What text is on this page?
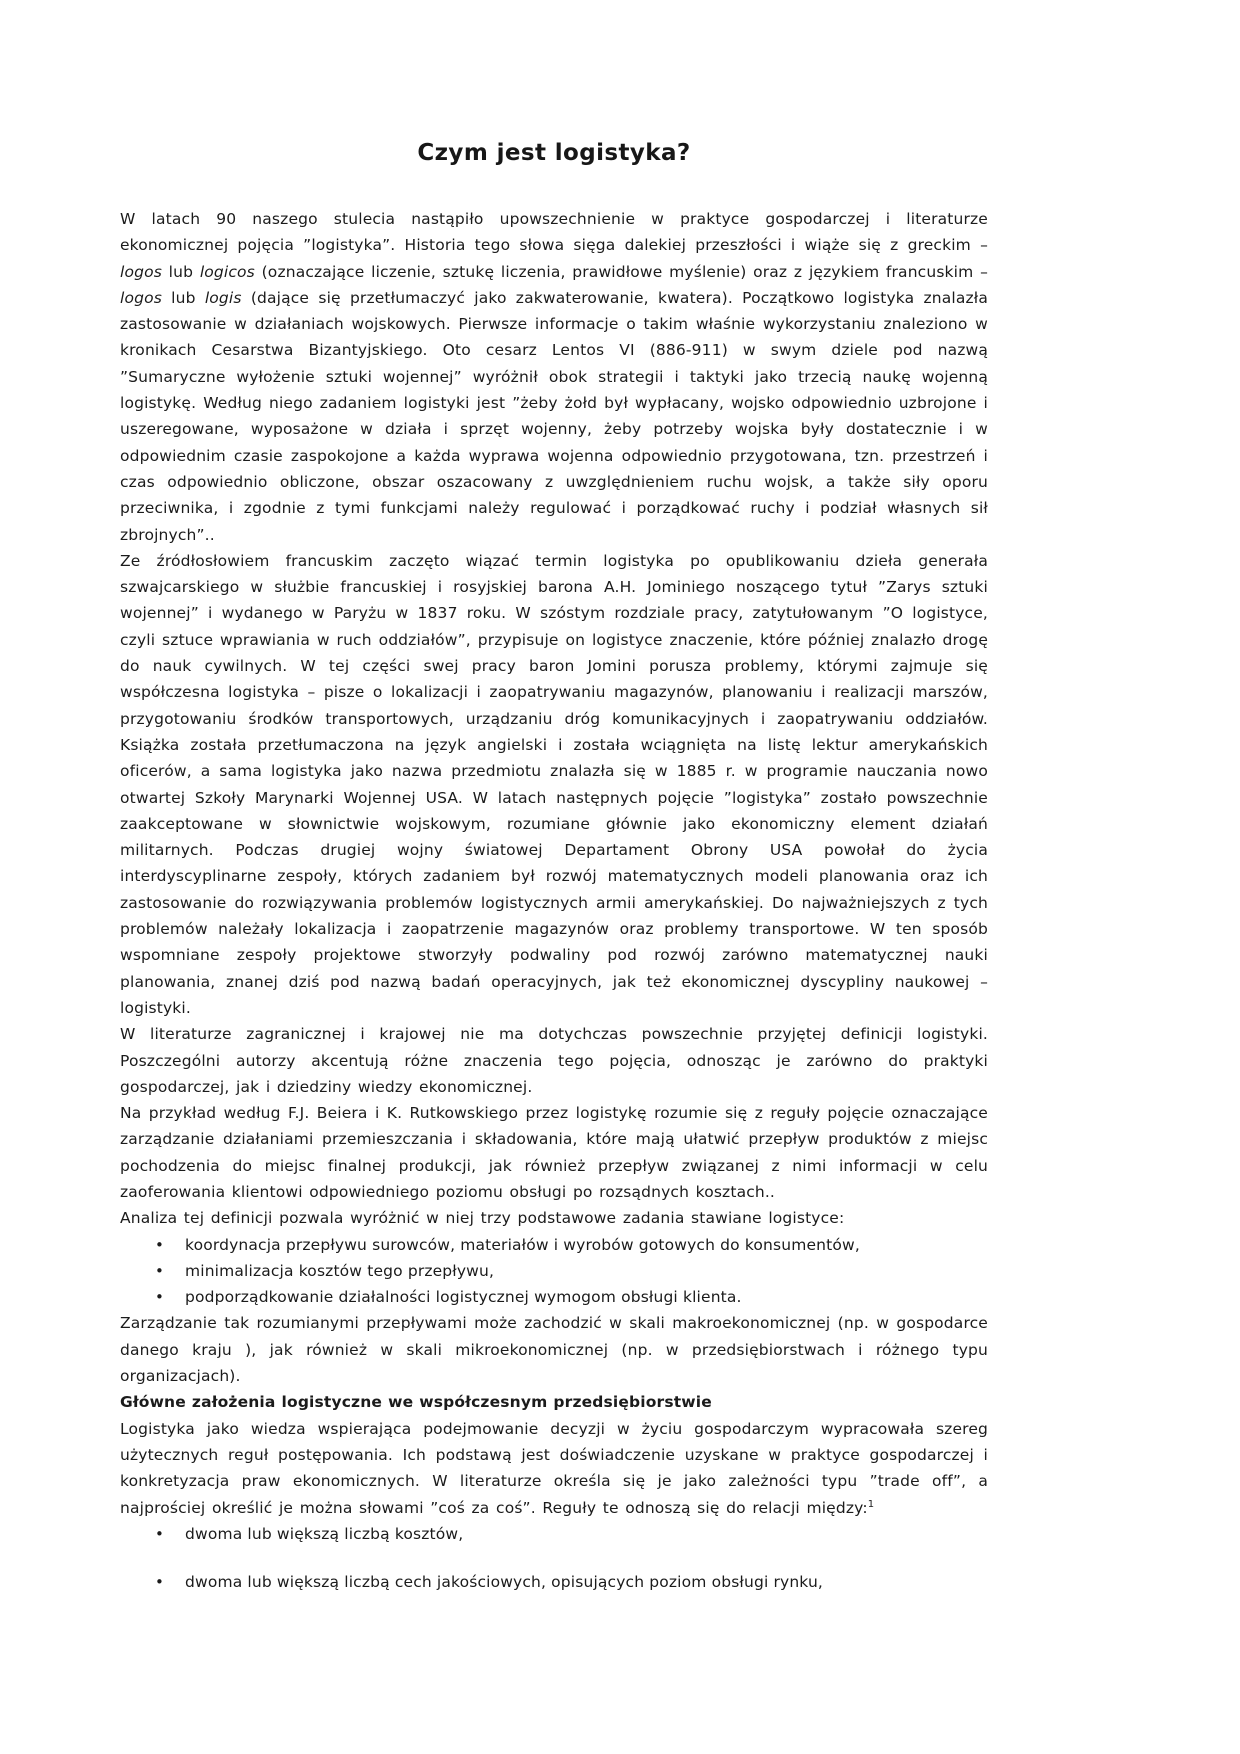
Czym jest logistyka?

W latach 90 naszego stulecia nastąpiło upowszechnienie w praktyce gospodarczej i literaturze ekonomicznej pojęcia ”logistyka”. Historia tego słowa sięga dalekiej przeszłości i wiąże się z greckim – logos lub logicos (oznaczające liczenie, sztukę liczenia, prawidłowe myślenie) oraz z językiem francuskim – logos lub logis (dające się przetłumaczyć jako zakwaterowanie, kwatera). Początkowo logistyka znalazła zastosowanie w działaniach wojskowych. Pierwsze informacje o takim właśnie wykorzystaniu znaleziono w kronikach Cesarstwa Bizantyjskiego. Oto cesarz Lentos VI (886-911) w swym dziele pod nazwą ”Sumaryczne wyłożenie sztuki wojennej” wyróżnił obok strategii i taktyki jako trzecią naukę wojenną logistykę. Według niego zadaniem logistyki jest ”żeby żołd był wypłacany, wojsko odpowiednio uzbrojone i uszeregowane, wyposażone w działa i sprzęt wojenny, żeby potrzeby wojska były dostatecznie i w odpowiednim czasie zaspokojone a każda wyprawa wojenna odpowiednio przygotowana, tzn. przestrzeń i czas odpowiednio obliczone, obszar oszacowany z uwzględnieniem ruchu wojsk, a także siły oporu przeciwnika, i zgodnie z tymi funkcjami należy regulować i porządkować ruchy i podział własnych sił zbrojnych”..

Ze źródłosłowiem francuskim zaczęto wiązać termin logistyka po opublikowaniu dzieła generała szwajcarskiego w służbie francuskiej i rosyjskiej barona A.H. Jominiego noszącego tytuł ”Zarys sztuki wojennej” i wydanego w Paryżu w 1837 roku. W szóstym rozdziale pracy, zatytułowanym ”O logistyce, czyli sztuce wprawiania w ruch oddziałów”, przypisuje on logistyce znaczenie, które później znalazło drogę do nauk cywilnych. W tej części swej pracy baron Jomini porusza problemy, którymi zajmuje się współczesna logistyka – pisze o lokalizacji i zaopatrywaniu magazynów, planowaniu i realizacji marszów, przygotowaniu środków transportowych, urządzaniu dróg komunikacyjnych i zaopatrywaniu oddziałów. Książka została przetłumaczona na język angielski i została wciągnięta na listę lektur amerykańskich oficerów, a sama logistyka jako nazwa przedmiotu znalazła się w 1885 r. w programie nauczania nowo otwartej Szkoły Marynarki Wojennej USA. W latach następnych pojęcie ”logistyka” zostało powszechnie zaakceptowane w słownictwie wojskowym, rozumiane głównie jako ekonomiczny element działań militarnych. Podczas drugiej wojny światowej Departament Obrony USA powołał do życia interdyscyplinarne zespoły, których zadaniem był rozwój matematycznych modeli planowania oraz ich zastosowanie do rozwiązywania problemów logistycznych armii amerykańskiej. Do najważniejszych z tych problemów należały lokalizacja i zaopatrzenie magazynów oraz problemy transportowe. W ten sposób wspomniane zespoły projektowe stworzyły podwaliny pod rozwój zarówno matematycznej nauki planowania, znanej dziś pod nazwą badań operacyjnych, jak też ekonomicznej dyscypliny naukowej – logistyki.

W literaturze zagranicznej i krajowej nie ma dotychczas powszechnie przyjętej definicji logistyki. Poszczególni autorzy akcentują różne znaczenia tego pojęcia, odnosząc je zarówno do praktyki gospodarczej, jak i dziedziny wiedzy ekonomicznej.

Na przykład według F.J. Beiera i K. Rutkowskiego przez logistykę rozumie się z reguły pojęcie oznaczające zarządzanie działaniami przemieszczania i składowania, które mają ułatwić przepływ produktów z miejsc pochodzenia do miejsc finalnej produkcji, jak również przepływ związanej z nimi informacji w celu zaoferowania klientowi odpowiedniego poziomu obsługi po rozsądnych kosztach..

Analiza tej definicji pozwala wyróżnić w niej trzy podstawowe zadania stawiane logistyce:

•	koordynacja przepływu surowców, materiałów i wyrobów gotowych do konsumentów,
•	minimalizacja kosztów tego przepływu,
•	podporządkowanie działalności logistycznej wymogom obsługi klienta.

Zarządzanie tak rozumianymi przepływami może zachodzić w skali makroekonomicznej (np. w gospodarce danego kraju ), jak również w skali mikroekonomicznej (np. w przedsiębiorstwach i różnego typu organizacjach).

Główne założenia logistyczne we współczesnym przedsiębiorstwie

Logistyka jako wiedza wspierająca podejmowanie decyzji w życiu gospodarczym wypracowała szereg użytecznych reguł postępowania. Ich podstawą jest doświadczenie uzyskane w praktyce gospodarczej i konkretyzacja praw ekonomicznych. W literaturze określa się je jako zależności typu ”trade off”, a najprościej określić je można słowami ”coś za coś”. Reguły te odnoszą się do relacji między:$^1$

•	dwoma lub większą liczbą kosztów,
•	dwoma lub większą liczbą cech jakościowych, opisujących poziom obsługi rynku,
